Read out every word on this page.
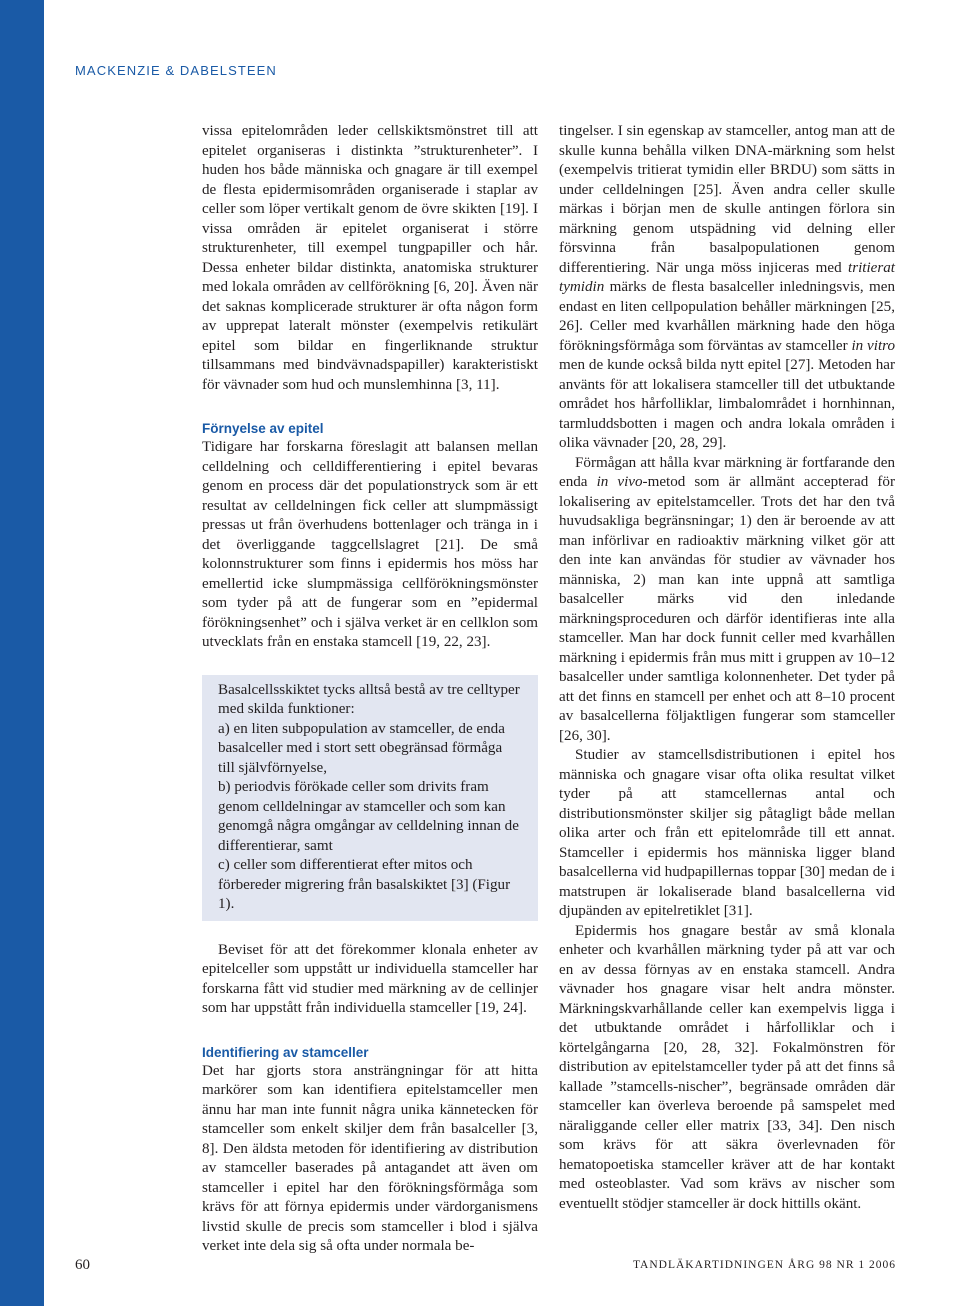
MACKENZIE & DABELSTEEN

vissa epitelområden leder cellskiktsmönstret till att epitelet organiseras i distinkta ”strukturenheter”. I huden hos både människa och gnagare är till exempel de flesta epidermisområden organiserade i staplar av celler som löper vertikalt genom de övre skikten [19]. I vissa områden är epitelet organiserat i större strukturenheter, till exempel tungpapiller och hår. Dessa enheter bildar distinkta, anatomiska strukturer med lokala områden av cellförökning [6, 20]. Även när det saknas komplicerade strukturer är ofta någon form av upprepat lateralt mönster (exempelvis retikulärt epitel som bildar en fingerliknande struktur tillsammans med bindvävnadspapiller) karakteristiskt för vävnader som hud och munslemhinna [3, 11].

Förnyelse av epitel

Tidigare har forskarna föreslagit att balansen mellan celldelning och celldifferentiering i epitel bevaras genom en process där det populationstryck som är ett resultat av celldelningen fick celler att slumpmässigt pressas ut från överhudens bottenlager och tränga in i det överliggande taggcellslagret [21]. De små kolonnstrukturer som finns i epidermis hos möss har emellertid icke slumpmässiga cellförökningsmönster som tyder på att de fungerar som en ”epidermal förökningsenhet” och i själva verket är en cellklon som utvecklats från en enstaka stamcell [19, 22, 23].

Basalcellsskiktet tycks alltså bestå av tre celltyper med skilda funktioner:
a) en liten subpopulation av stamceller, de enda basalceller med i stort sett obegränsad förmåga till självförnyelse,
b) periodvis förökade celler som drivits fram genom celldelningar av stamceller och som kan genomgå några omgångar av celldelning innan de differentierar, samt
c) celler som differentierat efter mitos och förbereder migrering från basalskiktet [3] (Figur 1).

Beviset för att det förekommer klonala enheter av epitelceller som uppstått ur individuella stamceller har forskarna fått vid studier med märkning av de cellinjer som har uppstått från individuella stamceller [19, 24].

Identifiering av stamceller

Det har gjorts stora ansträngningar för att hitta markörer som kan identifiera epitelstamceller men ännu har man inte funnit några unika kännetecken för stamceller som enkelt skiljer dem från basalceller [3, 8]. Den äldsta metoden för identifiering av distribution av stamceller baserades på antagandet att även om stamceller i epitel har den förökningsförmåga som krävs för att förnya epidermis under värdorganismens livstid skulle de precis som stamceller i blod i själva verket inte dela sig så ofta under normala be-

tingelser. I sin egenskap av stamceller, antog man att de skulle kunna behålla vilken DNA-märkning som helst (exempelvis tritierat tymidin eller BRDU) som sätts in under celldelningen [25]. Även andra celler skulle märkas i början men de skulle antingen förlora sin märkning genom utspädning vid delning eller försvinna från basalpopulationen genom differentiering. När unga möss injiceras med tritierat tymidin märks de flesta basalceller inledningsvis, men endast en liten cellpopulation behåller märkningen [25, 26]. Celler med kvarhållen märkning hade den höga förökningsförmåga som förväntas av stamceller in vitro men de kunde också bilda nytt epitel [27]. Metoden har använts för att lokalisera stamceller till det utbuktande området hos hårfolliklar, limbalområdet i hornhinnan, tarmluddsbotten i magen och andra lokala områden i olika vävnader [20, 28, 29].

Förmågan att hålla kvar märkning är fortfarande den enda in vivo-metod som är allmänt accepterad för lokalisering av epitelstamceller. Trots det har den två huvudsakliga begränsningar; 1) den är beroende av att man införlivar en radioaktiv märkning vilket gör att den inte kan användas för studier av vävnader hos människa, 2) man kan inte uppnå att samtliga basalceller märks vid den inledande märkningsproceduren och därför identifieras inte alla stamceller. Man har dock funnit celler med kvarhållen märkning i epidermis från mus mitt i gruppen av 10–12 basalceller under samtliga kolonnenheter. Det tyder på att det finns en stamcell per enhet och att 8–10 procent av basalcellerna följaktligen fungerar som stamceller [26, 30].

Studier av stamcellsdistributionen i epitel hos människa och gnagare visar ofta olika resultat vilket tyder på att stamcellernas antal och distributionsmönster skiljer sig påtagligt både mellan olika arter och från ett epitelområde till ett annat. Stamceller i epidermis hos människa ligger bland basalcellerna vid hudpapillernas toppar [30] medan de i matstrupen är lokaliserade bland basalcellerna vid djupänden av epitelretiklet [31].

Epidermis hos gnagare består av små klonala enheter och kvarhållen märkning tyder på att var och en av dessa förnyas av en enstaka stamcell. Andra vävnader hos gnagare visar helt andra mönster. Märkningskvarhållande celler kan exempelvis ligga i det utbuktande området i hårfolliklar och i körtelgångarna [20, 28, 32]. Fokalmönstren för distribution av epitelstamceller tyder på att det finns så kallade ”stamcells-nischer”, begränsade områden där stamceller kan överleva beroende på samspelet med näraliggande celler eller matrix [33, 34]. Den nisch som krävs för att säkra överlevnaden för hematopoetiska stamceller kräver att de har kontakt med osteoblaster. Vad som krävs av nischer som eventuellt stödjer stamceller är dock hittills okänt.

60	TANDLÄKARTIDNINGEN ÅRG 98 NR 1 2006
